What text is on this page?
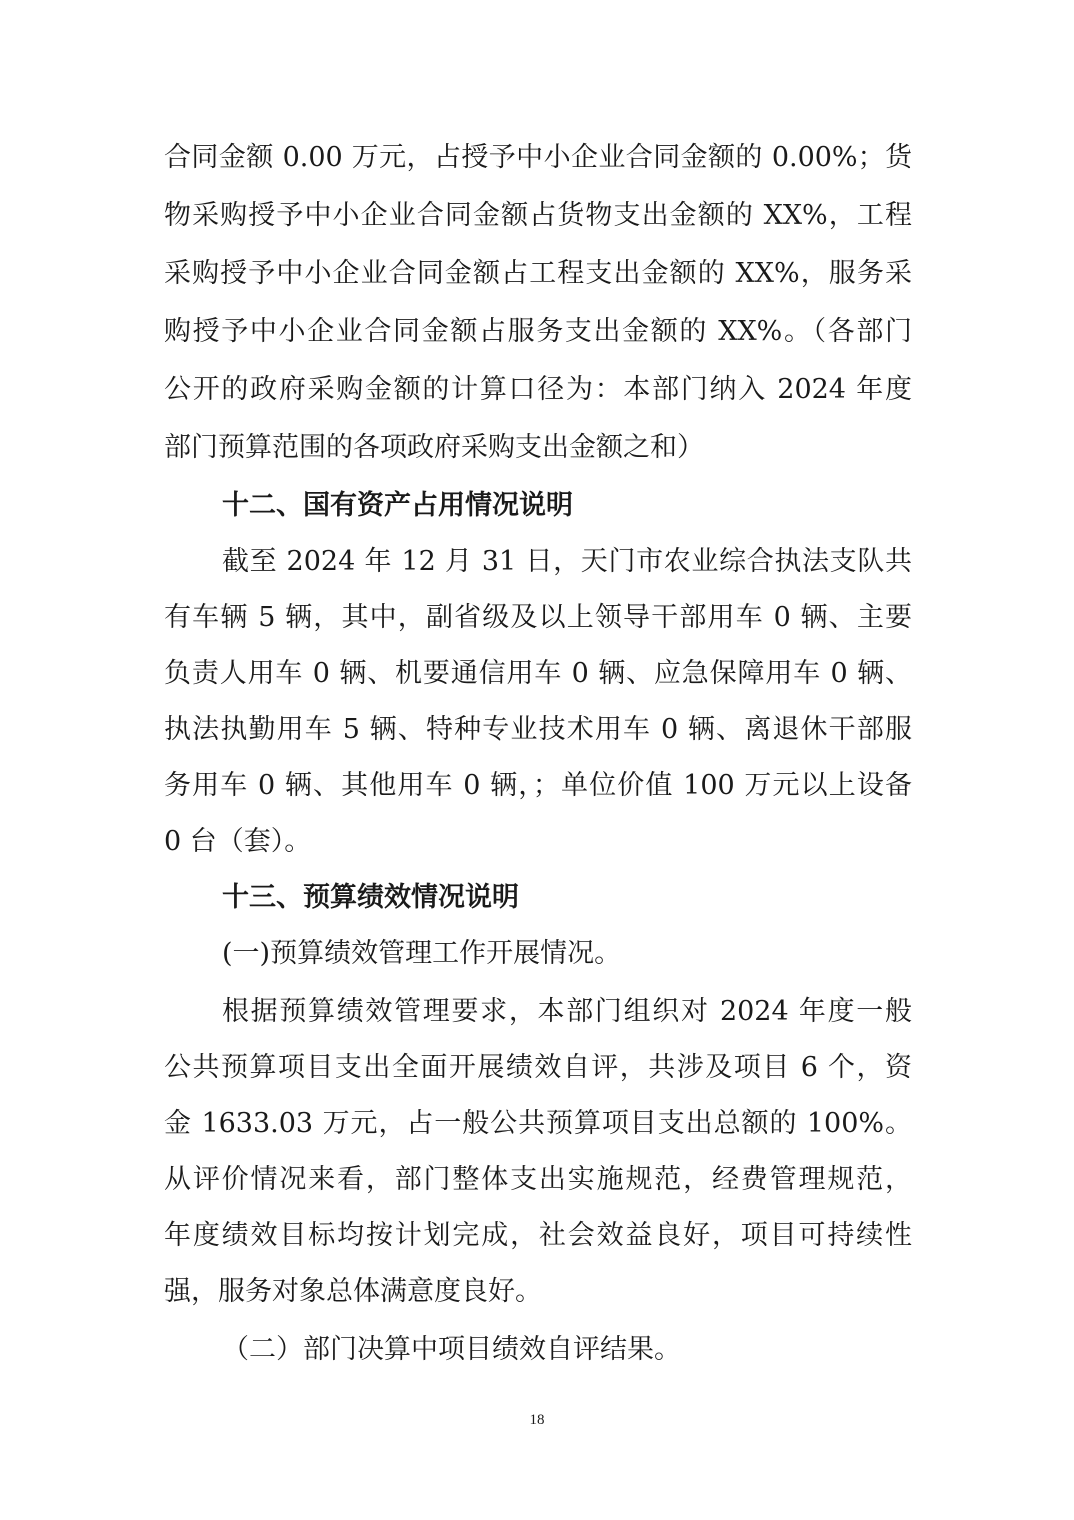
合同金额 0.00 万元，占授予中小企业合同金额的 0.00%；货

物采购授予中小企业合同金额占货物支出金额的 XX%，工程

采购授予中小企业合同金额占工程支出金额的 XX%，服务采

购授予中小企业合同金额占服务支出金额的 XX%。（各部门

公开的政府采购金额的计算口径为：本部门纳入 2024 年度

部门预算范围的各项政府采购支出金额之和）

十二、国有资产占用情况说明

截至 2024 年 12 月 31 日，天门市农业综合执法支队共

有车辆 5 辆，其中，副省级及以上领导干部用车 0 辆、主要

负责人用车 0 辆、机要通信用车 0 辆、应急保障用车 0 辆、

执法执勤用车 5 辆、特种专业技术用车 0 辆、离退休干部服

务用车 0 辆、其他用车 0 辆，；单位价值 100 万元以上设备

0 台（套）。

十三、预算绩效情况说明

(一)预算绩效管理工作开展情况。

根据预算绩效管理要求，本部门组织对 2024 年度一般

公共预算项目支出全面开展绩效自评，共涉及项目 6 个，资

金 1633.03 万元，占一般公共预算项目支出总额的 100%。

从评价情况来看，部门整体支出实施规范，经费管理规范，

年度绩效目标均按计划完成，社会效益良好，项目可持续性

强，服务对象总体满意度良好。

（二）部门决算中项目绩效自评结果。

18
